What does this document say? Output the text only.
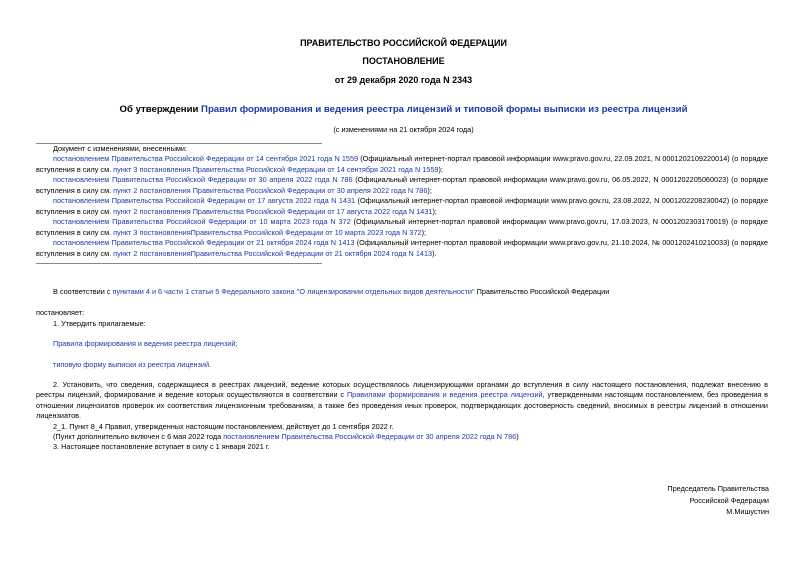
ПРАВИТЕЛЬСТВО РОССИЙСКОЙ ФЕДЕРАЦИИ
ПОСТАНОВЛЕНИЕ
от 29 декабря 2020 года N 2343
Об утверждении Правил формирования и ведения реестра лицензий и типовой формы выписки из реестра лицензий
(с изменениями на 21 октября 2024 года)
Документ с изменениями, внесенными:
постановлением Правительства Российской Федерации от 14 сентября 2021 года N 1559 (Официальный интернет-портал правовой информации www.pravo.gov.ru, 22.09.2021, N 0001202109220014) (о порядке вступления в силу см. пункт 3 постановления Правительства Российской Федерации от 14 сентября 2021 года N 1559);
постановлением Правительства Российской Федерации от 30 апреля 2022 года N 786 (Официальный интернет-портал правовой информации www.pravo.gov.ru, 06.05.2022, N 0001202205060023) (о порядке вступления в силу см. пункт 2 постановления Правительства Российской Федерации от 30 апреля 2022 года N 786);
постановлением Правительства Российской Федерации от 17 августа 2022 года N 1431 (Официальный интернет-портал правовой информации www.pravo.gov.ru, 23.08.2022, N 0001202208230042) (о порядке вступления в силу см. пункт 2 постановления Правительства Российской Федерации от 17 августа 2022 года N 1431);
постановлением Правительства Российской Федерации от 10 марта 2023 года N 372 (Официальный интернет-портал правовой информации www.pravo.gov.ru, 17.03.2023, N 0001202303170019) (о порядке вступления в силу см. пункт 3 постановленияПравительства Российской Федерации от 10 марта 2023 года N 372);
постановлением Правительства Российской Федерации от 21 октября 2024 года N 1413 (Официальный интернет-портал правовой информации www.pravo.gov.ru, 21.10.2024, № 0001202410210033) (о порядке вступления в силу см. пункт 2 постановленияПравительства Российской Федерации от 21 октября 2024 года N 1413).
В соответствии с пунктами 4 и 6 части 1 статьи 5 Федерального закона "О лицензировании отдельных видов деятельности" Правительство Российской Федерации
постановляет:
1. Утвердить прилагаемые:
Правила формирования и ведения реестра лицензий;
типовую форму выписки из реестра лицензий.
2. Установить, что сведения, содержащиеся в реестрах лицензий, ведение которых осуществлялось лицензирующими органами до вступления в силу настоящего постановления, подлежат внесению в реестры лицензий, формирование и ведение которых осуществляются в соответствии с Правилами формирования и ведения реестра лицензий, утвержденными настоящим постановлением, без проведения в отношении лицензиатов проверок их соответствия лицензионным требованиям, а также без проведения иных проверок, подтверждающих достоверность сведений, вносимых в реестры лицензий в отношении лицензиатов.
2_1. Пункт 8_4 Правил, утвержденных настоящим постановлением, действует до 1 сентября 2022 г.
(Пункт дополнительно включен с 6 мая 2022 года постановлением Правительства Российской Федерации от 30 апреля 2022 года N 786)
3. Настоящее постановление вступает в силу с 1 января 2021 г.
Председатель Правительства
Российской Федерации
М.Мишустин
